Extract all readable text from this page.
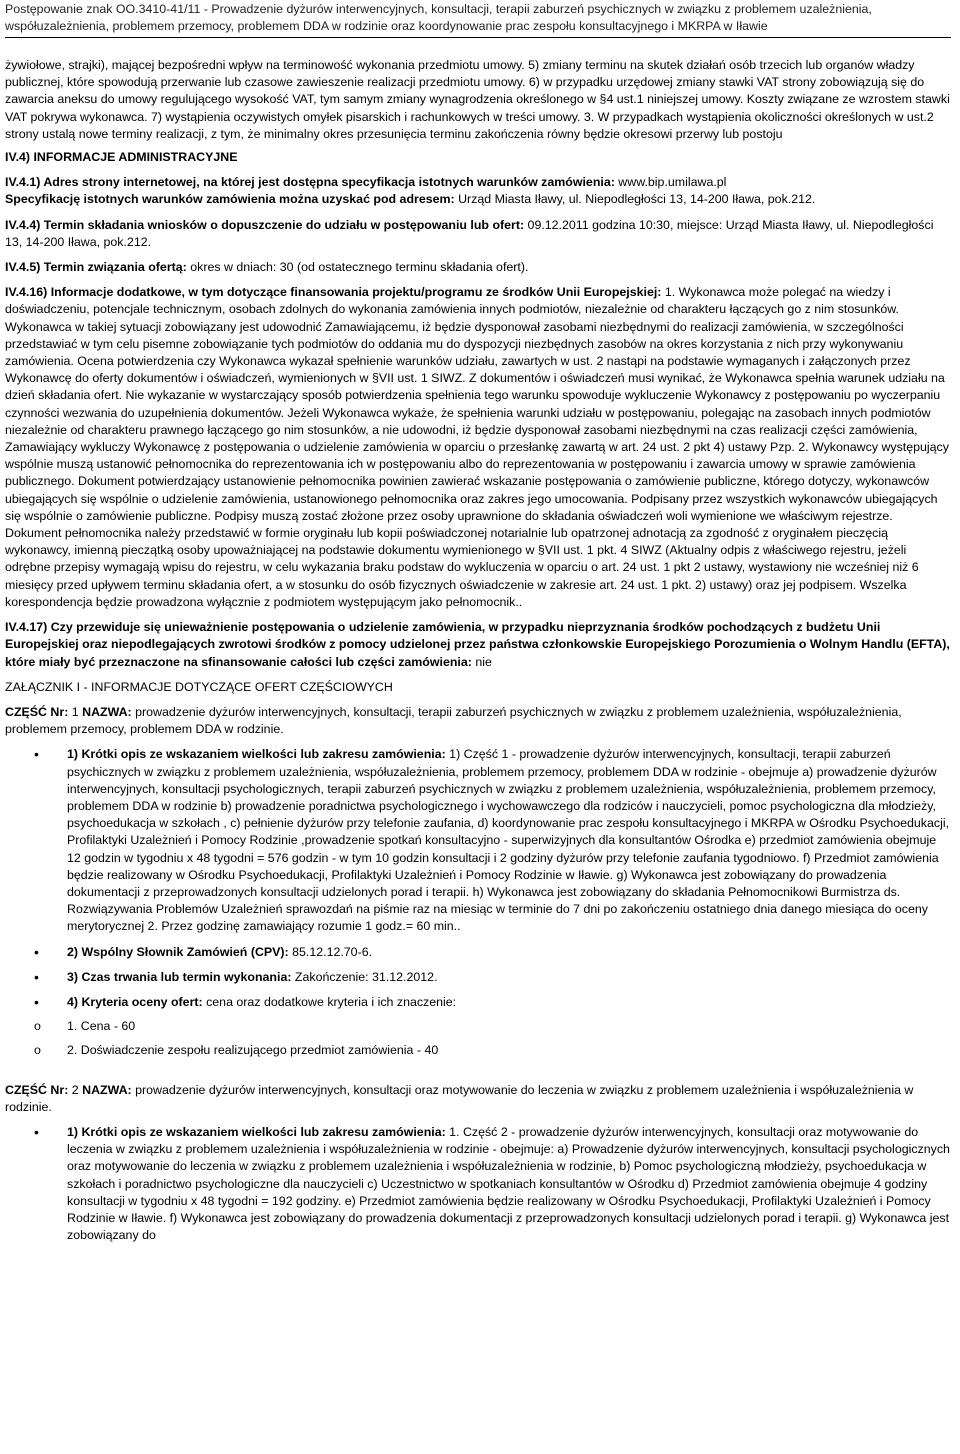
Postępowanie znak OO.3410-41/11 - Prowadzenie dyżurów interwencyjnych, konsultacji, terapii zaburzeń psychicznych w związku z problemem uzależnienia,
współuzależnienia, problemem przemocy, problemem DDA w rodzinie oraz koordynowanie prac zespołu konsultacyjnego i MKRPA w Iławie

żywiołowe, strajki), mającej bezpośredni wpływ na terminowość wykonania przedmiotu umowy. 5) zmiany terminu na skutek działań osób trzecich lub organów władzy publicznej, które spowodują przerwanie lub czasowe zawieszenie realizacji przedmiotu umowy. 6) w przypadku urzędowej zmiany stawki VAT strony zobowiązują się do zawarcia aneksu do umowy regulującego wysokość VAT, tym samym zmiany wynagrodzenia określonego w §4 ust.1 niniejszej umowy. Koszty związane ze wzrostem stawki VAT pokrywa wykonawca. 7) wystąpienia oczywistych omyłek pisarskich i rachunkowych w treści umowy. 3. W przypadkach wystąpienia okoliczności określonych w ust.2 strony ustalą nowe terminy realizacji, z tym, że minimalny okres przesunięcia terminu zakończenia równy będzie okresowi przerwy lub postoju

IV.4) INFORMACJE ADMINISTRACYJNE

IV.4.1) Adres strony internetowej, na której jest dostępna specyfikacja istotnych warunków zamówienia: www.bip.umilawa.pl

Specyfikację istotnych warunków zamówienia można uzyskać pod adresem: Urząd Miasta Iławy, ul. Niepodległości 13, 14-200 Iława, pok.212.

IV.4.4) Termin składania wniosków o dopuszczenie do udziału w postępowaniu lub ofert: 09.12.2011 godzina 10:30, miejsce: Urząd Miasta Iławy, ul. Niepodległości 13, 14-200 Iława, pok.212.

IV.4.5) Termin związania ofertą: okres w dniach: 30 (od ostatecznego terminu składania ofert).

IV.4.16) Informacje dodatkowe, w tym dotyczące finansowania projektu/programu ze środków Unii Europejskiej: 1. Wykonawca może polegać na wiedzy i doświadczeniu, potencjale technicznym, osobach zdolnych do wykonania zamówienia innych podmiotów, niezależnie od charakteru łączących go z nim stosunków. Wykonawca w takiej sytuacji zobowiązany jest udowodnić Zamawiającemu, iż będzie dysponował zasobami niezbędnymi do realizacji zamówienia, w szczególności przedstawiać w tym celu pisemne zobowiązanie tych podmiotów do oddania mu do dyspozycji niezbędnych zasobów na okres korzystania z nich przy wykonywaniu zamówienia. Ocena potwierdzenia czy Wykonawca wykazał spełnienie warunków udziału, zawartych w ust. 2 nastąpi na podstawie wymaganych i załączonych przez Wykonawcę do oferty dokumentów i oświadczeń, wymienionych w §VII ust. 1 SIWZ. Z dokumentów i oświadczeń musi wynikać, że Wykonawca spełnia warunek udziału na dzień składania ofert. Nie wykazanie w wystarczający sposób potwierdzenia spełnienia tego warunku spowoduje wykluczenie Wykonawcy z postępowaniu po wyczerpaniu czynności wezwania do uzupełnienia dokumentów. Jeżeli Wykonawca wykaże, że spełnienia warunki udziału w postępowaniu, polegając na zasobach innych podmiotów niezależnie od charakteru prawnego łączącego go nim stosunków, a nie udowodni, iż będzie dysponował zasobami niezbędnymi na czas realizacji części zamówienia, Zamawiający wykluczy Wykonawcę z postępowania o udzielenie zamówienia w oparciu o przesłankę zawartą w art. 24 ust. 2 pkt 4) ustawy Pzp. 2. Wykonawcy występujący wspólnie muszą ustanowić pełnomocnika do reprezentowania ich w postępowaniu albo do reprezentowania w postępowaniu i zawarcia umowy w sprawie zamówienia publicznego. Dokument potwierdzający ustanowienie pełnomocnika powinien zawierać wskazanie postępowania o zamówienie publiczne, którego dotyczy, wykonawców ubiegających się wspólnie o udzielenie zamówienia, ustanowionego pełnomocnika oraz zakres jego umocowania. Podpisany przez wszystkich wykonawców ubiegających się wspólnie o zamówienie publiczne. Podpisy muszą zostać złożone przez osoby uprawnione do składania oświadczeń woli wymienione we właściwym rejestrze. Dokument pełnomocnika należy przedstawić w formie oryginału lub kopii poświadczonej notarialnie lub opatrzonej adnotacją za zgodność z oryginałem pieczęcią wykonawcy, imienną pieczątką osoby upoważniającej na podstawie dokumentu wymienionego w §VII ust. 1 pkt. 4 SIWZ (Aktualny odpis z właściwego rejestru, jeżeli odrębne przepisy wymagają wpisu do rejestru, w celu wykazania braku podstaw do wykluczenia w oparciu o art. 24 ust. 1 pkt 2 ustawy, wystawiony nie wcześniej niż 6 miesięcy przed upływem terminu składania ofert, a w stosunku do osób fizycznych oświadczenie w zakresie art. 24 ust. 1 pkt. 2) ustawy) oraz jej podpisem. Wszelka korespondencja będzie prowadzona wyłącznie z podmiotem występującym jako pełnomocnik..

IV.4.17) Czy przewiduje się unieważnienie postępowania o udzielenie zamówienia, w przypadku nieprzyznania środków pochodzących z budżetu Unii Europejskiej oraz niepodlegających zwrotowi środków z pomocy udzielonej przez państwa członkowskie Europejskiego Porozumienia o Wolnym Handlu (EFTA), które miały być przeznaczone na sfinansowanie całości lub części zamówienia: nie

ZAŁĄCZNIK I - INFORMACJE DOTYCZĄCE OFERT CZĘŚCIOWYCH

CZĘŚĆ Nr: 1 NAZWA: prowadzenie dyżurów interwencyjnych, konsultacji, terapii zaburzeń psychicznych w związku z problemem uzależnienia, współuzależnienia, problemem przemocy, problemem DDA w rodzinie.

• 1) Krótki opis ze wskazaniem wielkości lub zakresu zamówienia: 1) Część 1 - prowadzenie dyżurów interwencyjnych, konsultacji, terapii zaburzeń psychicznych w związku z problemem uzależnienia, współuzależnienia, problemem przemocy, problemem DDA w rodzinie - obejmuje a) prowadzenie dyżurów interwencyjnych, konsultacji psychologicznych, terapii zaburzeń psychicznych w związku z problemem uzależnienia, współuzależnienia, problemem przemocy, problemem DDA w rodzinie b) prowadzenie poradnictwa psychologicznego i wychowawczego dla rodziców i nauczycieli, pomoc psychologiczna dla młodzieży, psychoedukacja w szkołach , c) pełnienie dyżurów przy telefonie zaufania, d) koordynowanie prac zespołu konsultacyjnego i MKRPA w Ośrodku Psychoedukacji, Profilaktyki Uzależnień i Pomocy Rodzinie ,prowadzenie spotkań konsultacyjno - superwizyjnych dla konsultantów Ośrodka e) przedmiot zamówienia obejmuje 12 godzin w tygodniu x 48 tygodni = 576 godzin - w tym 10 godzin konsultacji i 2 godziny dyżurów przy telefonie zaufania tygodniowo. f) Przedmiot zamówienia będzie realizowany w Ośrodku Psychoedukacji, Profilaktyki Uzależnień i Pomocy Rodzinie w Iławie. g) Wykonawca jest zobowiązany do prowadzenia dokumentacji z przeprowadzonych konsultacji udzielonych porad i terapii. h) Wykonawca jest zobowiązany do składania Pełnomocnikowi Burmistrza ds. Rozwiązywania Problemów Uzależnień sprawozdań na piśmie raz na miesiąc w terminie do 7 dni po zakończeniu ostatniego dnia danego miesiąca do oceny merytorycznej 2. Przez godzinę zamawiający rozumie 1 godz.= 60 min..
• 2) Wspólny Słownik Zamówień (CPV): 85.12.12.70-6.
• 3) Czas trwania lub termin wykonania: Zakończenie: 31.12.2012.
• 4) Kryteria oceny ofert: cena oraz dodatkowe kryteria i ich znaczenie:
o 1. Cena - 60
o 2. Doświadczenie zespołu realizującego przedmiot zamówienia - 40

CZĘŚĆ Nr: 2 NAZWA: prowadzenie dyżurów interwencyjnych, konsultacji oraz motywowanie do leczenia w związku z problemem uzależnienia i współuzależnienia w rodzinie.

• 1) Krótki opis ze wskazaniem wielkości lub zakresu zamówienia: 1. Część 2 - prowadzenie dyżurów interwencyjnych, konsultacji oraz motywowanie do leczenia w związku z problemem uzależnienia i współuzależnienia w rodzinie - obejmuje: a) Prowadzenie dyżurów interwencyjnych, konsultacji psychologicznych oraz motywowanie do leczenia w związku z problemem uzależnienia i współuzależnienia w rodzinie, b) Pomoc psychologiczną młodzieży, psychoedukacja w szkołach i poradnictwo psychologiczne dla nauczycieli c) Uczestnictwo w spotkaniach konsultantów w Ośrodku d) Przedmiot zamówienia obejmuje 4 godziny konsultacji w tygodniu x 48 tygodni = 192 godziny. e) Przedmiot zamówienia będzie realizowany w Ośrodku Psychoedukacji, Profilaktyki Uzależnień i Pomocy Rodzinie w Iławie. f) Wykonawca jest zobowiązany do prowadzenia dokumentacji z przeprowadzonych konsultacji udzielonych porad i terapii. g) Wykonawca jest zobowiązany do
